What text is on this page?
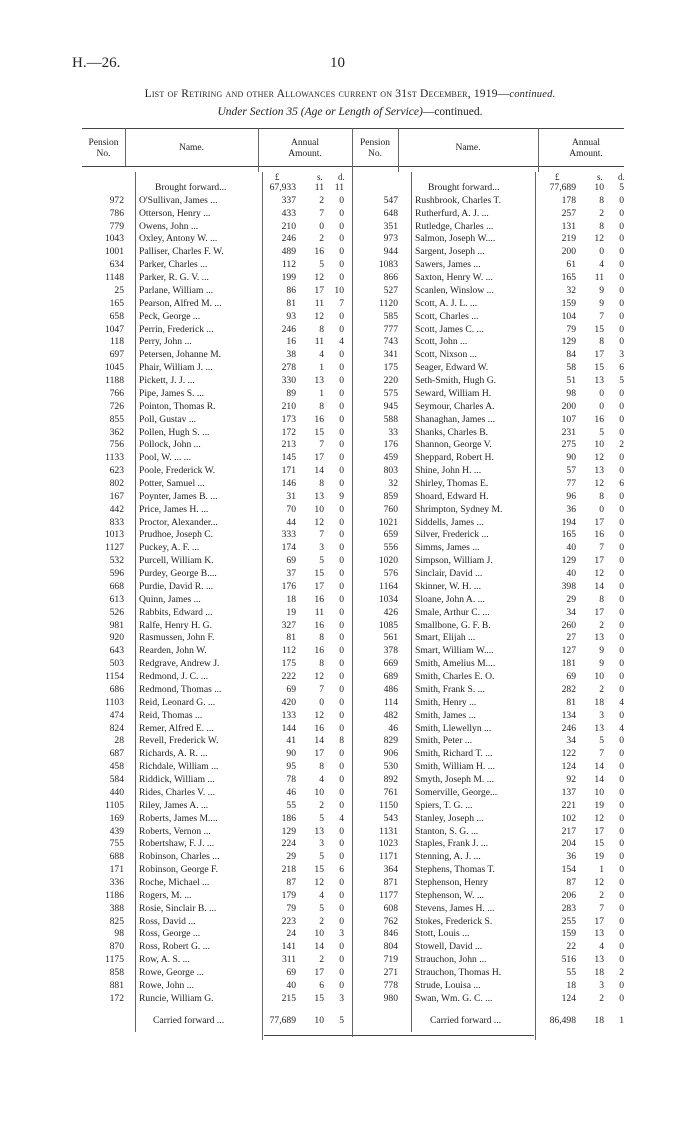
H.—26.	10
List of Retiring and other Allowances current on 31st December, 1919—continued.
Under Section 35 (Age or Length of Service)—continued.
Pension
No.
Name.	Annual
Amount.
£	s. d.
Brought forward...	67,933	11	11
972 O'Sullivan, James ...	337	2	0
786 Otterson, Henry ...	433	7	0
779 Owens, John ...	210	0	0
1043 Oxley, Antony W. ...	246	2	0
1001 Palliser, Charles F. W.	489	16	0
634 Parker, Charles ...	112	5	0
1148 Parker, R. G. V. ...	199	12	0
25 Parlane, William ...	86	17	10
165 Pearson, Alfred M. ...	81	11	7
658 Peck, George ...	93	12	0
1047 Perrin, Frederick ...	246	8	0
118 Perry, John ...	16	11	4
697 Petersen, Johanne M.	38	4	0
1045 Phair, William J. ...	278	1	0
1188 Pickett, J. J. ...	330	13	0
766 Pipe, James S. ...	89	1	0
726 Pointon, Thomas R.	210	8	0
855 Poll, Gustav ...	173	16	0
362 Pollen, Hugh S. ...	172	15	0
756 Pollock, John ...	213	7	0
1133 Pool, W. ... ...	145	17	0
623 Poole, Frederick W.	171	14	0
802 Potter, Samuel ...	146	8	0
167 Poynter, James B. ...	31	13	9
442 Price, James H. ...	70	10	0
833 Proctor, Alexander...	44	12	0
1013 Prudhoe, Joseph C.	333	7	0
1127 Puckey, A. F. ...	174	3	0
532 Purcell, William K.	69	5	0
596 Purdey, George B....	37	15	0
668 Purdie, David R. ...	176	17	0
613 Quinn, James ...	18	16	0
526 Rabbits, Edward ...	19	11	0
981 Ralfe, Henry H. G.	327	16	0
920 Rasmussen, John F.	81	8	0
643 Rearden, John W.	112	16	0
503 Redgrave, Andrew J.	175	8	0
1154 Redmond, J. C. ...	222	12	0
686 Redmond, Thomas ...	69	7	0
1103 Reid, Leonard G. ...	420	0	0
474 Reid, Thomas ...	133	12	0
824 Remer, Alfred E. ...	144	16	0
28 Revell, Frederick W.	41	14	8
687 Richards, A. R. ...	90	17	0
458 Richdale, William ...	95	8	0
584 Riddick, William ...	78	4	0
440 Rides, Charles V. ...	46	10	0
1105 Riley, James A. ...	55	2	0
169 Roberts, James M....	186	5	4
439 Roberts, Vernon ...	129	13	0
755 Robertshaw, F. J. ...	224	3	0
688 Robinson, Charles ...	29	5	0
171 Robinson, George F.	218	15	6
336 Roche, Michael ...	87	12	0
1186 Rogers, M. ...	179	4	0
388 Rosie, Sinclair B. ...	79	5	0
825 Ross, David ...	223	2	0
98 Ross, George ...	24	10	3
870 Ross, Robert G. ...	141	14	0
1175 Row, A. S. ...	311	2	0
858 Rowe, George ...	69	17	0
881 Rowe, John ...	40	6	0
172 Runcie, William G.	215	15	3
Carried forward ...	77,689	10	5
Pension
No.
Name.	Annual
Amount.
£	s. d.
Brought forward...	77,689	10	5
547 Rushbrook, Charles T.	178	8	0
648 Rutherfurd, A. J. ...	257	2	0
351 Rutledge, Charles ...	131	8	0
973 Salmon, Joseph W....	219	12	0
944 Sargent, Joseph ...	200	0	0
1083 Sawers, James ...	61	4	0
866 Saxton, Henry W. ...	165	11	0
527 Scanlen, Winslow ...	32	9	0
1120 Scott, A. J. L. ...	159	9	0
585 Scott, Charles ...	104	7	0
777 Scott, James C. ...	79	15	0
743 Scott, John ...	129	8	0
341 Scott, Nixson ...	84	17	3
175 Seager, Edward W.	58	15	6
220 Seth-Smith, Hugh G.	51	13	5
575 Seward, William H.	98	0	0
945 Seymour, Charles A.	200	0	0
588 Shanaghan, James ...	107	16	0
33 Shanks, Charles B.	231	5	0
176 Shannon, George V.	275	10	2
459 Sheppard, Robert H.	90	12	0
803 Shine, John H. ...	57	13	0
32 Shirley, Thomas E.	77	12	6
859 Shoard, Edward H.	96	8	0
760 Shrimpton, Sydney M.	36	0	0
1021 Siddells, James ...	194	17	0
659 Silver, Frederick ...	165	16	0
556 Simms, James ...	40	7	0
1020 Simpson, William J.	129	17	0
576 Sinclair, David ...	40	12	0
1164 Skinner, W. H. ...	398	14	0
1034 Sloane, John A. ...	29	8	0
426 Smale, Arthur C. ...	34	17	0
1085 Smallbone, G. F. B.	260	2	0
561 Smart, Elijah ...	27	13	0
378 Smart, William W....	127	9	0
669 Smith, Amelius M....	181	9	0
689 Smith, Charles E. O.	69	10	0
486 Smith, Frank S. ...	282	2	0
114 Smith, Henry ...	81	18	4
482 Smith, James ...	134	3	0
46 Smith, Llewellyn ...	246	13	4
829 Smith, Peter ...	34	5	0
906 Smith, Richard T. ...	122	7	0
530 Smith, William H. ...	124	14	0
892 Smyth, Joseph M. ...	92	14	0
761 Somerville, George...	137	10	0
1150 Spiers, T. G. ...	221	19	0
543 Stanley, Joseph ...	102	12	0
1131 Stanton, S. G. ...	217	17	0
1023 Staples, Frank J. ...	204	15	0
1171 Stenning, A. J. ...	36	19	0
364 Stephens, Thomas T.	154	1	0
871 Stephenson, Henry	87	12	0
1177 Stephenson, W. ...	206	2	0
608 Stevens, James H. ...	283	7	0
762 Stokes, Frederick S.	255	17	0
846 Stott, Louis ...	159	13	0
804 Stowell, David ...	22	4	0
719 Strauchon, John ...	516	13	0
271 Strauchon, Thomas H.	55	18	2
778 Strude, Louisa ...	18	3	0
980 Swan, Wm. G. C. ...	124	2	0
Carried forward ...	86,498	18	1
